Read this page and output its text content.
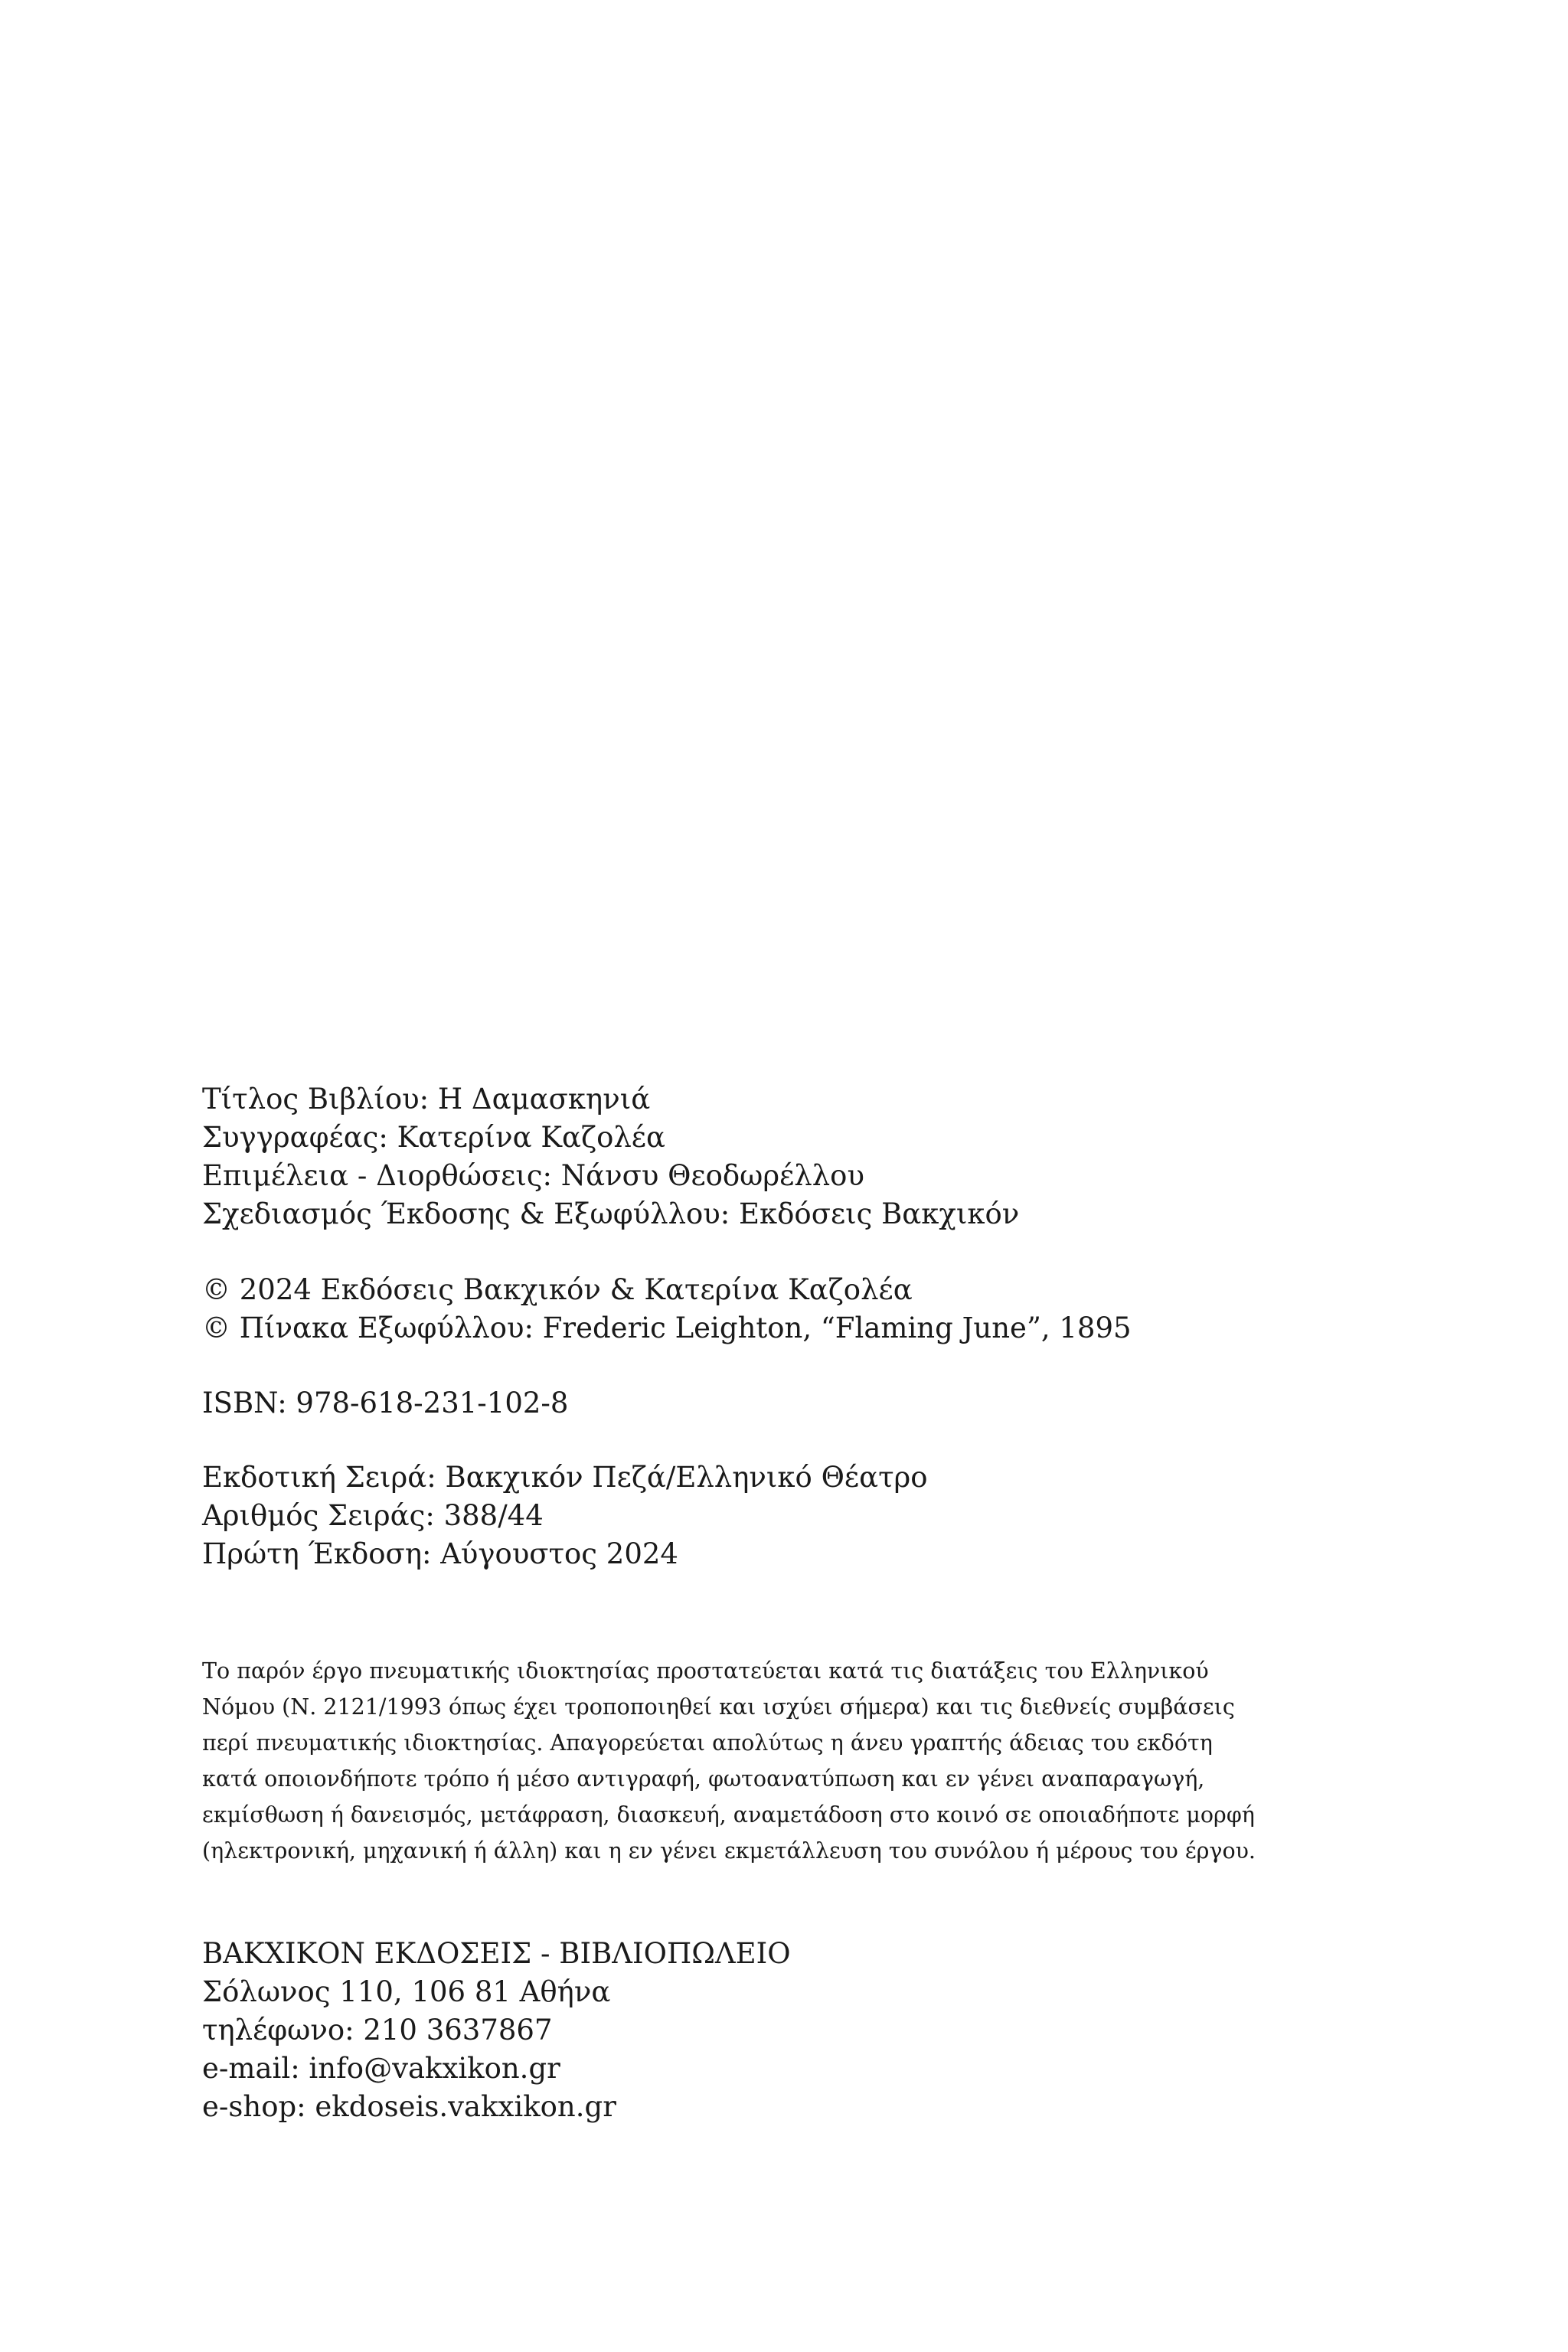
Τίτλος Βιβλίου: Η Δαμασκηνιά
Συγγραφέας: Κατερίνα Καζολέα
Επιμέλεια - Διορθώσεις: Νάνσυ Θεοδωρέλλου
Σχεδιασμός Έκδοσης & Εξωφύλλου: Εκδόσεις Βακχικόν
© 2024 Εκδόσεις Βακχικόν & Κατερίνα Καζολέα
© Πίνακα Εξωφύλλου: Frederic Leighton, “Flaming June”, 1895
ISBN: 978-618-231-102-8
Εκδοτική Σειρά: Βακχικόν Πεζά/Ελληνικό Θέατρο
Αριθμός Σειράς: 388/44
Πρώτη Έκδοση: Αύγουστος 2024
Το παρόν έργο πνευματικής ιδιοκτησίας προστατεύεται κατά τις διατάξεις του Ελληνικού
Νόμου (Ν. 2121/1993 όπως έχει τροποποιηθεί και ισχύει σήμερα) και τις διεθνείς συμβάσεις
περί πνευματικής ιδιοκτησίας. Απαγορεύεται απολύτως η άνευ γραπτής άδειας του εκδότη
κατά οποιονδήποτε τρόπο ή μέσο αντιγραφή, φωτοανατύπωση και εν γένει αναπαραγωγή,
εκμίσθωση ή δανεισμός, μετάφραση, διασκευή, αναμετάδοση στο κοινό σε οποιαδήποτε μορφή
(ηλεκτρονική, μηχανική ή άλλη) και η εν γένει εκμετάλλευση του συνόλου ή μέρους του έργου.
ΒΑΚΧΙΚΟΝ ΕΚΔΟΣΕΙΣ - ΒΙΒΛΙΟΠΩΛΕΙΟ
Σόλωνος 110, 106 81 Αθήνα
τηλέφωνο: 210 3637867
e-mail: info@vakxikon.gr
e-shop: ekdoseis.vakxikon.gr
